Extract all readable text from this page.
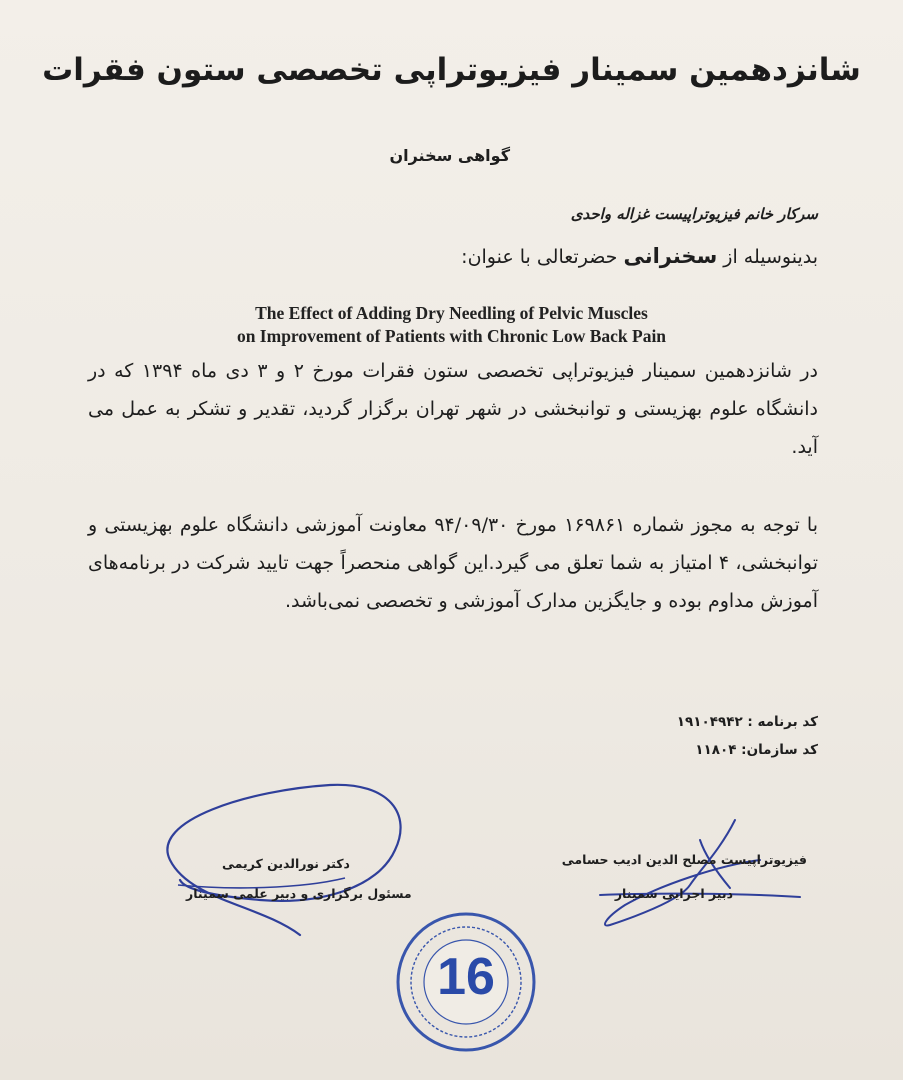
شانزدهمین سمینار فیزیوتراپی تخصصی ستون فقرات
گواهی سخنران
سرکار خانم فیزیوتراپیست غزاله واحدی
بدینوسیله از سخنرانی حضرتعالی با عنوان:
The Effect of Adding Dry Needling of Pelvic Muscles
on Improvement of Patients with Chronic Low Back Pain
در شانزدهمین سمینار فیزیوتراپی تخصصی ستون فقرات مورخ ۲ و ۳ دی ماه ۱۳۹۴ که در دانشگاه علوم بهزیستی و توانبخشی در شهر تهران برگزار گردید، تقدیر و تشکر به عمل می آید.
با توجه به مجوز شماره ۱۶۹۸۶۱ مورخ ۹۴/۰۹/۳۰ معاونت آموزشی دانشگاه علوم بهزیستی و توانبخشی، ۴ امتیاز به شما تعلق می گیرد.این گواهی منحصراً جهت تایید شرکت در برنامه‌های آموزش مداوم بوده و جایگزین مدارک آموزشی و تخصصی نمی‌باشد.
کد برنامه : ۱۹۱۰۴۹۴۲
کد سازمان: ۱۱۸۰۴
16
دکتر نورالدین کریمی
مسئول برگزاری و دبیر علمی سمینار
فیزیوتراپیست مصلح الدین ادیب حسامی
دبیر اجرایی سمینار
